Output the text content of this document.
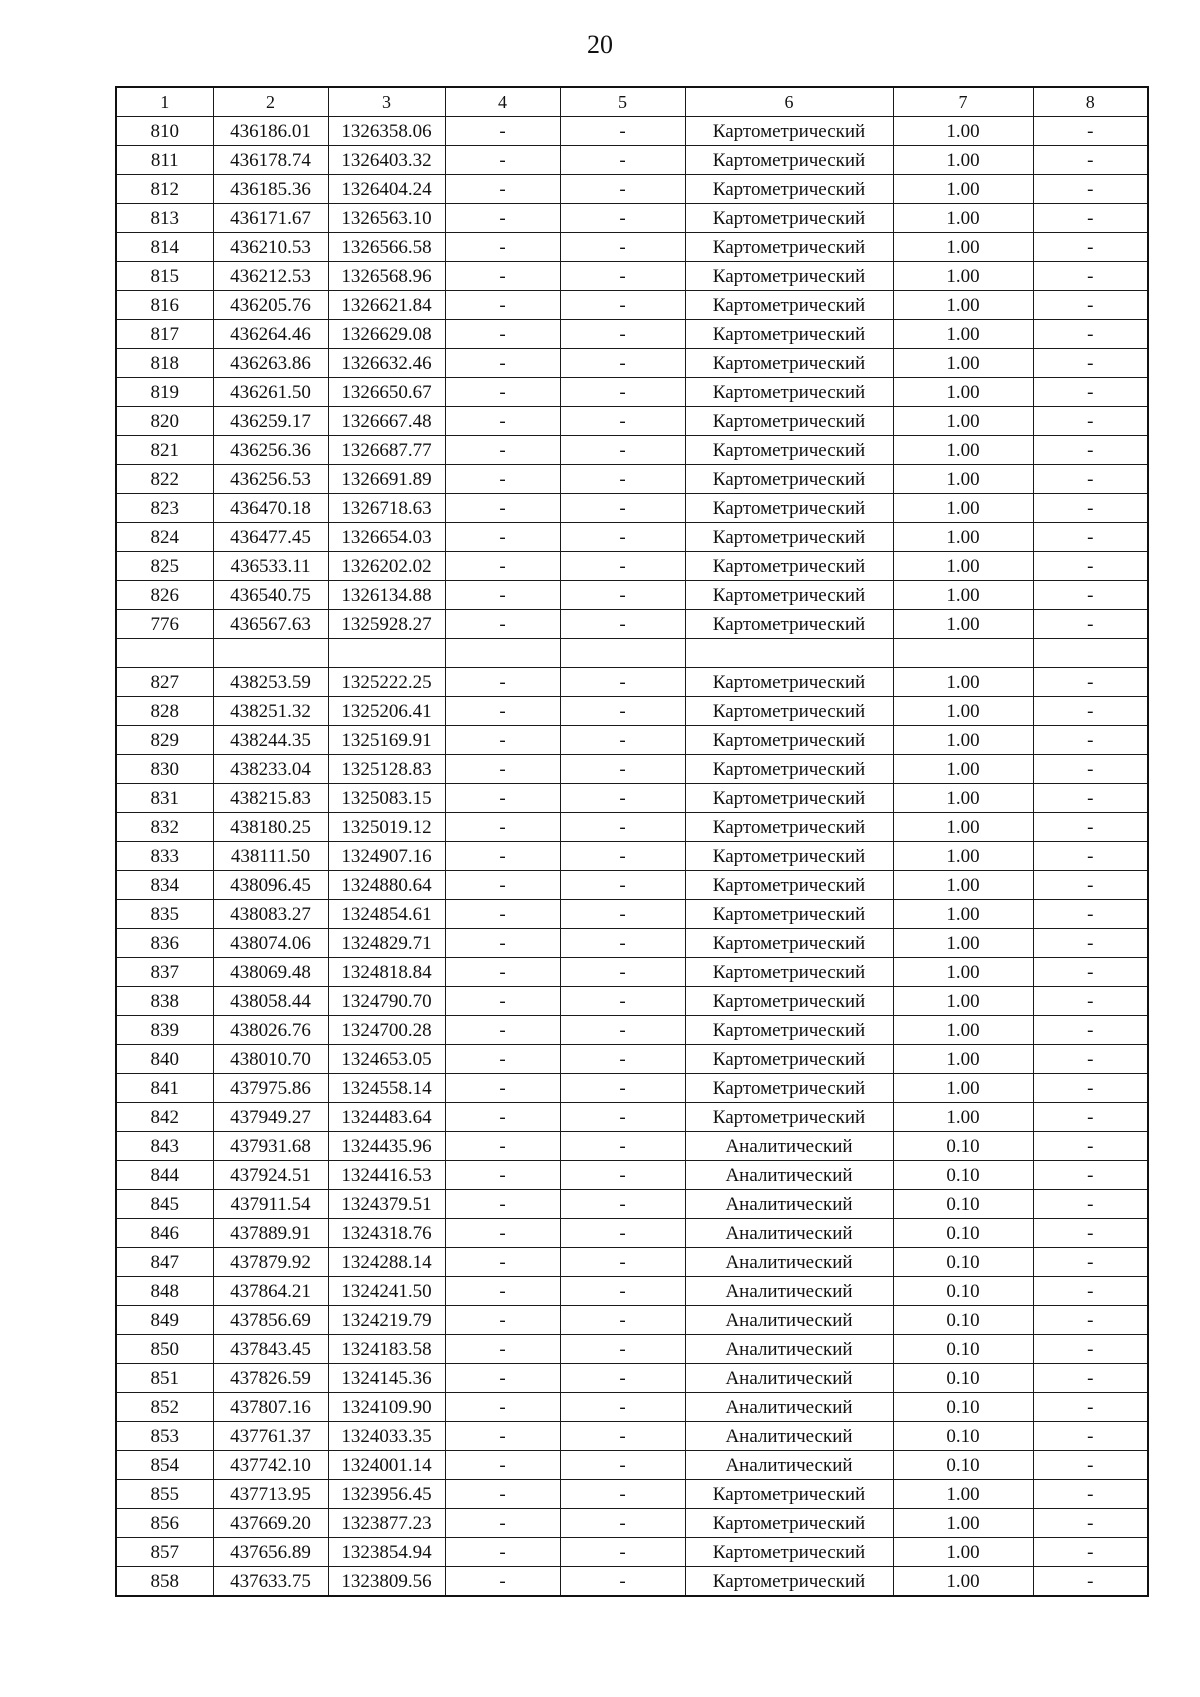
20
1	2	3	4	5	6	7	8
810	436186.01	1326358.06	-	-	Картометрический	1.00	-
811	436178.74	1326403.32	-	-	Картометрический	1.00	-
812	436185.36	1326404.24	-	-	Картометрический	1.00	-
813	436171.67	1326563.10	-	-	Картометрический	1.00	-
814	436210.53	1326566.58	-	-	Картометрический	1.00	-
815	436212.53	1326568.96	-	-	Картометрический	1.00	-
816	436205.76	1326621.84	-	-	Картометрический	1.00	-
817	436264.46	1326629.08	-	-	Картометрический	1.00	-
818	436263.86	1326632.46	-	-	Картометрический	1.00	-
819	436261.50	1326650.67	-	-	Картометрический	1.00	-
820	436259.17	1326667.48	-	-	Картометрический	1.00	-
821	436256.36	1326687.77	-	-	Картометрический	1.00	-
822	436256.53	1326691.89	-	-	Картометрический	1.00	-
823	436470.18	1326718.63	-	-	Картометрический	1.00	-
824	436477.45	1326654.03	-	-	Картометрический	1.00	-
825	436533.11	1326202.02	-	-	Картометрический	1.00	-
826	436540.75	1326134.88	-	-	Картометрический	1.00	-
776	436567.63	1325928.27	-	-	Картометрический	1.00	-

827	438253.59	1325222.25	-	-	Картометрический	1.00	-
828	438251.32	1325206.41	-	-	Картометрический	1.00	-
829	438244.35	1325169.91	-	-	Картометрический	1.00	-
830	438233.04	1325128.83	-	-	Картометрический	1.00	-
831	438215.83	1325083.15	-	-	Картометрический	1.00	-
832	438180.25	1325019.12	-	-	Картометрический	1.00	-
833	438111.50	1324907.16	-	-	Картометрический	1.00	-
834	438096.45	1324880.64	-	-	Картометрический	1.00	-
835	438083.27	1324854.61	-	-	Картометрический	1.00	-
836	438074.06	1324829.71	-	-	Картометрический	1.00	-
837	438069.48	1324818.84	-	-	Картометрический	1.00	-
838	438058.44	1324790.70	-	-	Картометрический	1.00	-
839	438026.76	1324700.28	-	-	Картометрический	1.00	-
840	438010.70	1324653.05	-	-	Картометрический	1.00	-
841	437975.86	1324558.14	-	-	Картометрический	1.00	-
842	437949.27	1324483.64	-	-	Картометрический	1.00	-
843	437931.68	1324435.96	-	-	Аналитический	0.10	-
844	437924.51	1324416.53	-	-	Аналитический	0.10	-
845	437911.54	1324379.51	-	-	Аналитический	0.10	-
846	437889.91	1324318.76	-	-	Аналитический	0.10	-
847	437879.92	1324288.14	-	-	Аналитический	0.10	-
848	437864.21	1324241.50	-	-	Аналитический	0.10	-
849	437856.69	1324219.79	-	-	Аналитический	0.10	-
850	437843.45	1324183.58	-	-	Аналитический	0.10	-
851	437826.59	1324145.36	-	-	Аналитический	0.10	-
852	437807.16	1324109.90	-	-	Аналитический	0.10	-
853	437761.37	1324033.35	-	-	Аналитический	0.10	-
854	437742.10	1324001.14	-	-	Аналитический	0.10	-
855	437713.95	1323956.45	-	-	Картометрический	1.00	-
856	437669.20	1323877.23	-	-	Картометрический	1.00	-
857	437656.89	1323854.94	-	-	Картометрический	1.00	-
858	437633.75	1323809.56	-	-	Картометрический	1.00	-
